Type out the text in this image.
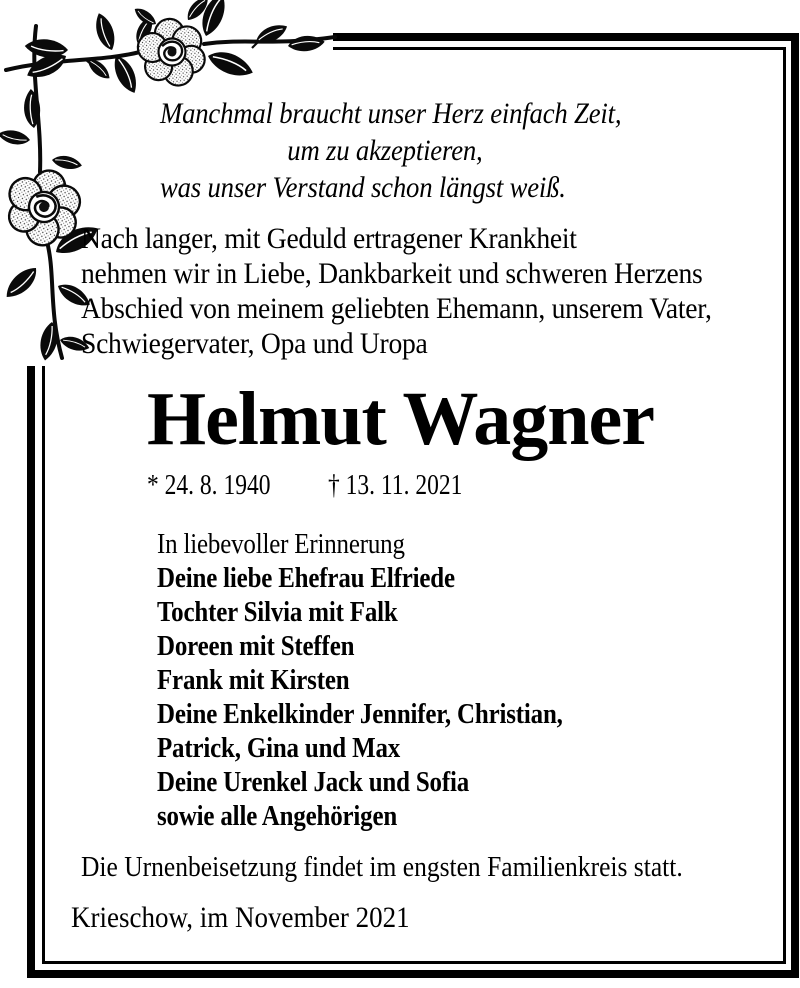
Manchmal braucht unser Herz einfach Zeit,
um zu akzeptieren,
was unser Verstand schon längst weiß.
Nach langer, mit Geduld ertragener Krankheit
nehmen wir in Liebe, Dankbarkeit und schweren Herzens
Abschied von meinem geliebten Ehemann, unserem Vater,
Schwiegervater, Opa und Uropa
Helmut Wagner
* 24. 8. 1940 † 13. 11. 2021
In liebevoller Erinnerung
Deine liebe Ehefrau Elfriede
Tochter Silvia mit Falk
Doreen mit Steffen
Frank mit Kirsten
Deine Enkelkinder Jennifer, Christian,
Patrick, Gina und Max
Deine Urenkel Jack und Sofia
sowie alle Angehörigen
Die Urnenbeisetzung findet im engsten Familienkreis statt.
Krieschow, im November 2021
